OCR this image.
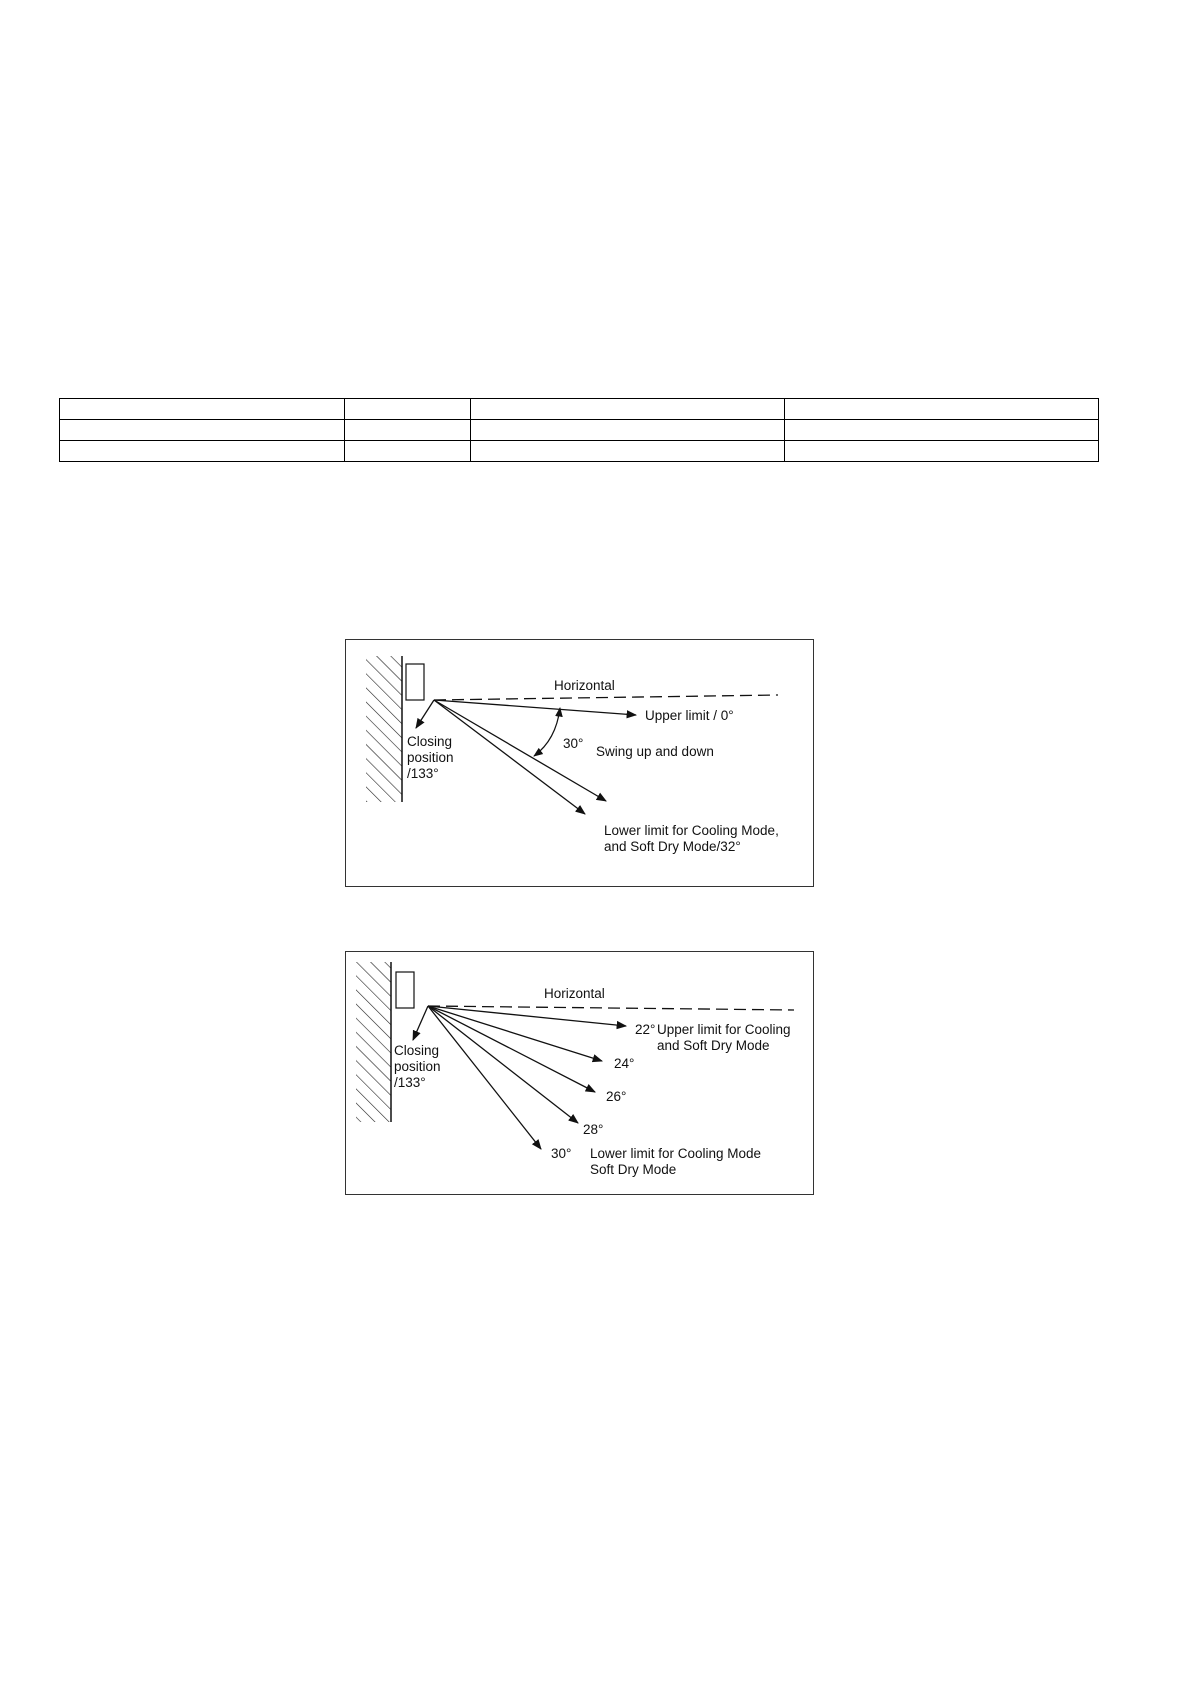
Horizontal
Upper limit / 0°
30°
Swing up and down
Closing
position
/133°
Lower limit for Cooling Mode,
and Soft Dry Mode/32°
Horizontal
22° Upper limit for Cooling
and Soft Dry Mode
24°
26°
28°
30° Lower limit for Cooling Mode
Soft Dry Mode
Closing
position
/133°
